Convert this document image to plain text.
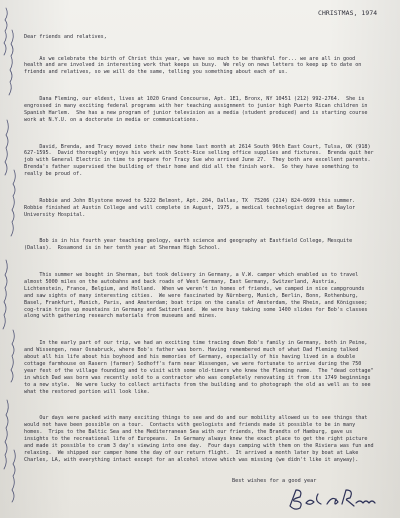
CHRISTMAS, 1974

Dear friends and relatives,

As we celebrate the birth of Christ this year, we have so much to be thankful for... we are all in good health and are involved in interesting work that keeps us busy.  We rely on news letters to keep up to date on friends and relatives, so we will do the same, telling you something about each of us.

Dana Fleming, our eldest, lives at 1020 Grand Concourse, Apt. 1E1, Bronx, NY 10451 (212) 992-2764.  She is engrossed in many exciting federal programs with her teaching assignment to junior high Puerto Rican children in Spanish Harlem.  She has a new program of junior television as a media (student produced) and is starting course work at N.Y.U. on a doctorate in media or communications.

David, Brenda, and Tracy moved into their new home last month at 2614 South 96th East Court, Tulsa, OK (918) 627-1595.  David thoroughly enjoys his work with Scott-Rice selling office supplies and fixtures.  Brenda quit her job with General Electric in time to prepare for Tracy Sue who arrived June 27.  They both are excellent parents.  Brenda's father supervised the building of their home and did all the finish work.  So they have something to really be proud of.

Robbie and John Blystone moved to 5222 Belmont, Apt. 204, Dallas, TX  75206 (214) 824-0699 this summer.  Robbie finished at Austin College and will complete in August, 1975, a medical technologist degree at Baylor University Hospital.

Bob is in his fourth year teaching geology, earth science and geography at Eastfield College, Mesquite (Dallas).  Rosamond is in her tenth year at Sherman High School.

This summer we bought in Sherman, but took delivery in Germany, a V.W. camper which enabled us to travel almost 5000 miles on the autobahns and back roads of West Germany, East Germany, Switzerland, Austria, Lichtenstein, France, Belgium, and Holland.  When we weren't in homes of friends, we camped in nice campgrounds and saw sights of many interesting cities.  We were fascinated by Nürnberg, Munich, Berlin, Bonn, Rothenburg, Basel, Frankfurt, Munich, Paris, and Amsterdam; boat trips on the canals of Amsterdam, the Rhein, and Königssee; cog-train trips up mountains in Germany and Switzerland.  We were busy taking some 1400 slides for Bob's classes along with gathering research materials from museums and mines.

In the early part of our trip, we had an exciting time tracing down Bob's family in Germany, both in Peine, and Wissengen, near Osnabruck, where Bob's father was born. Having remembered much of what Dad Fleming talked about all his life about his boyhood and his memories of Germany, especially of his having lived in a double cottage farmhouse on Rasern (farmer) Sodhoff's farm near Wissengen, we were fortunate to arrive during the 750 year fest of the village founding and to visit with some old-timers who knew the Fleming name.  The "dead cottage" in which Dad was born was recently sold to a contractor who was completely renovating it from its 1749 beginnings to a new style.  We were lucky to collect artifacts from the building and to photograph the old as well as to see what the restored portion will look like.

Our days were packed with many exciting things to see and do and our mobility allowed us to see things that would not have been possible on a tour.  Contacts with geologists and friends made it possible to be in many homes.  Trips to the Baltic Sea and the Mediterranean Sea with our friends, the Brandts of Hamburg, gave us insights to the recreational life of Europeans.  In Germany always knew the exact place to get the right picture and made it possible to cram 3 day's viewing into one day.  Four days camping with them on the Riviera was fun and relaxing.  We shipped our camper home the day of our return flight.  It arrived a month later by boat at Lake Charles, LA, with everything intact except for an alcohol stove which was missing (we didn't like it anyway).

Best wishes for a good year
